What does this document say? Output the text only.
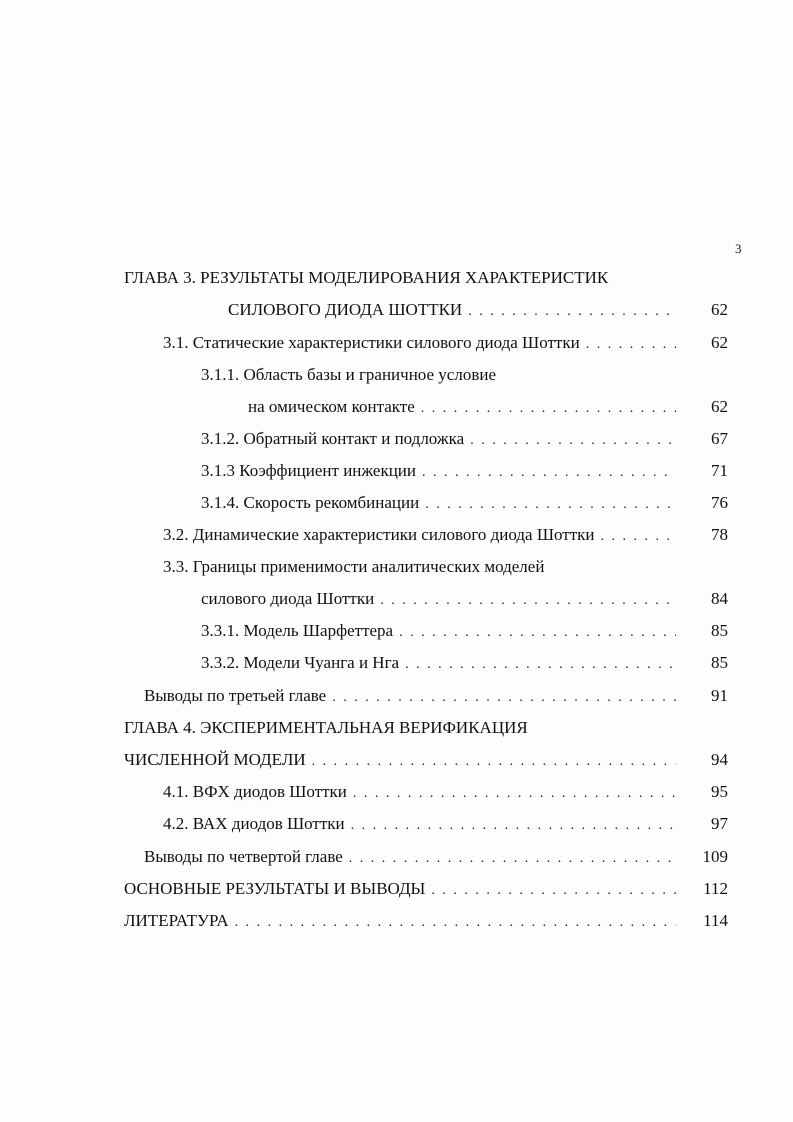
3
ГЛАВА 3. РЕЗУЛЬТАТЫ МОДЕЛИРОВАНИЯ ХАРАКТЕРИСТИК
СИЛОВОГО ДИОДА ШОТТКИ . . .	62
3.1. Статические характеристики силового диода Шоттки . . .	62
3.1.1. Область базы и граничное условие
на омическом контакте . . .	62
3.1.2. Обратный контакт и подложка . . .	67
3.1.3 Коэффициент инжекции . . .	71
3.1.4. Скорость рекомбинации . . .	76
3.2. Динамические характеристики силового диода Шоттки . . .	78
3.3. Границы применимости аналитических моделей
силового диода Шоттки . . .	84
3.3.1. Модель Шарфеттера . . .	85
3.3.2. Модели Чуанга и Нга . . .	85
Выводы по третьей главе . . .	91
ГЛАВА 4. ЭКСПЕРИМЕНТАЛЬНАЯ ВЕРИФИКАЦИЯ
ЧИСЛЕННОЙ МОДЕЛИ . . .	94
4.1. ВФХ диодов Шоттки . . .	95
4.2. ВАХ диодов Шоттки . . .	97
Выводы по четвертой главе . . .	109
ОСНОВНЫЕ РЕЗУЛЬТАТЫ И ВЫВОДЫ . . .	112
ЛИТЕРАТУРА . . .	114
